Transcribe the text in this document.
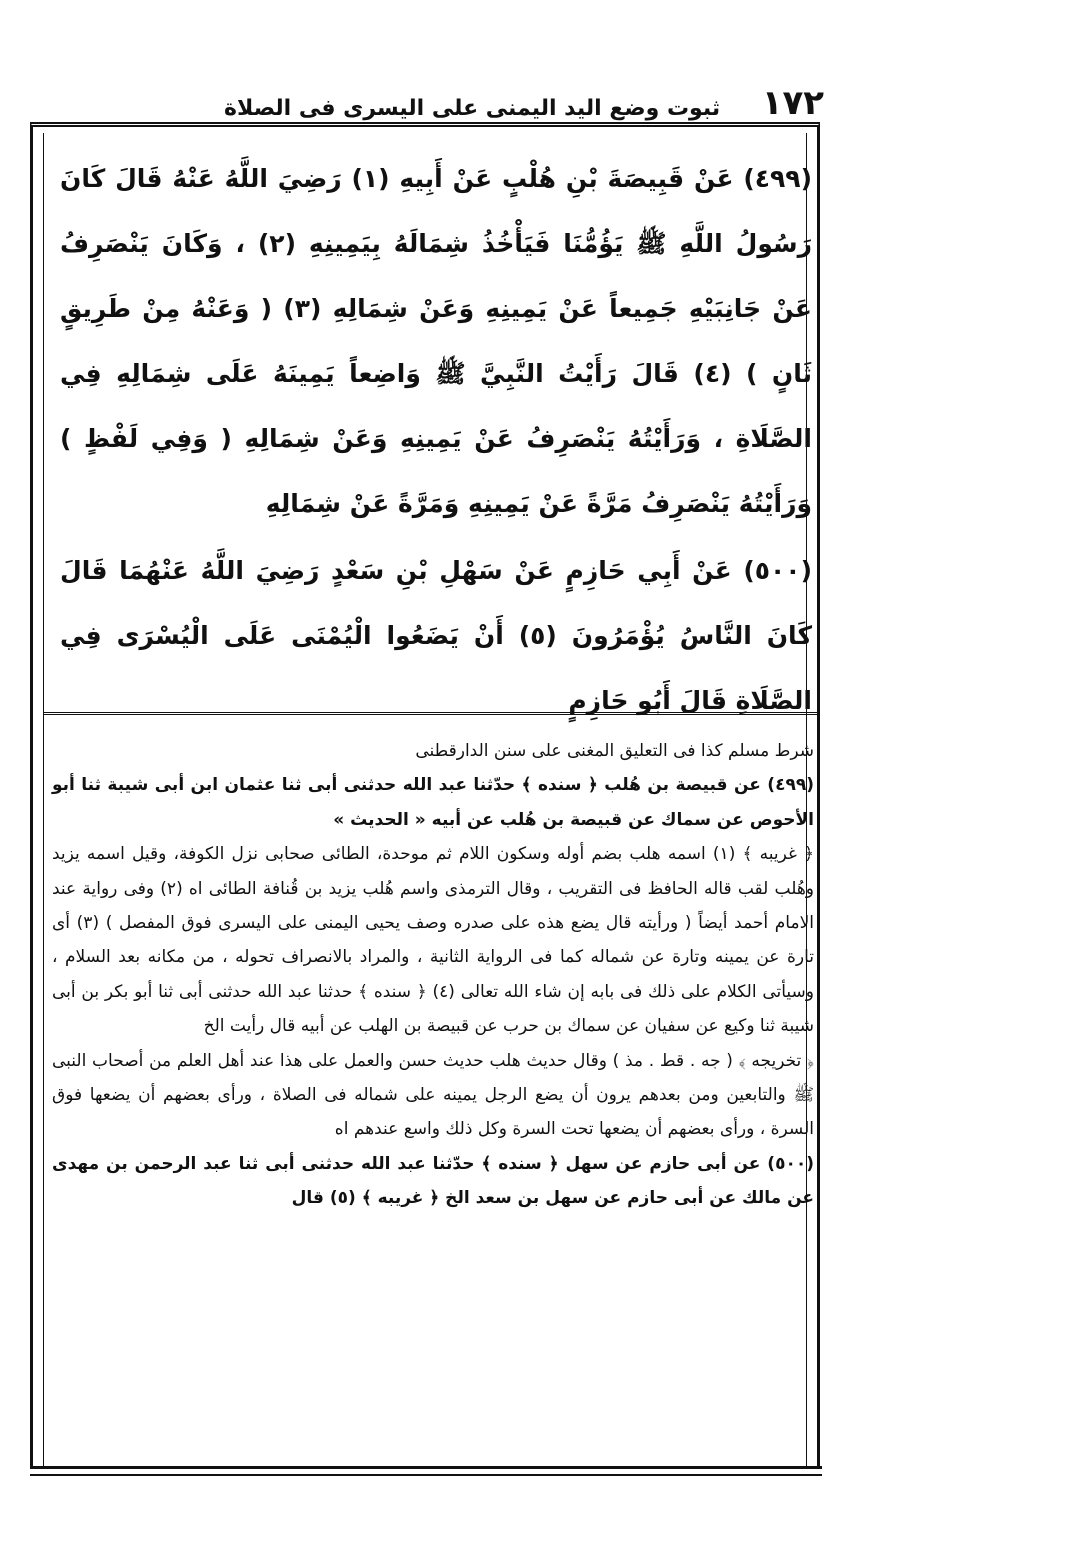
١٧٢
ثبوت وضع اليد اليمنى على اليسرى فى الصلاة

(٤٩٩) عَنْ قَبِيصَةَ بْنِ هُلْبٍ عَنْ أَبِيهِ (١) رَضِيَ اللَّهُ عَنْهُ قَالَ كَانَ رَسُولُ اللَّهِ ﷺ يَؤُمُّنَا فَيَأْخُذُ شِمَالَهُ بِيَمِينِهِ (٢) ، وَكَانَ يَنْصَرِفُ عَنْ جَانِبَيْهِ جَمِيعاً عَنْ يَمِينِهِ وَعَنْ شِمَالِهِ (٣) ( وَعَنْهُ مِنْ طَرِيقٍ ثَانٍ ) (٤) قَالَ رَأَيْتُ النَّبِيَّ ﷺ وَاضِعاً يَمِينَهُ عَلَى شِمَالِهِ فِي الصَّلَاةِ ، وَرَأَيْتُهُ يَنْصَرِفُ عَنْ يَمِينِهِ وَعَنْ شِمَالِهِ ( وَفِي لَفْظٍ ) وَرَأَيْتُهُ يَنْصَرِفُ مَرَّةً عَنْ يَمِينِهِ وَمَرَّةً عَنْ شِمَالِهِ

(٥٠٠) عَنْ أَبِي حَازِمٍ عَنْ سَهْلِ بْنِ سَعْدٍ رَضِيَ اللَّهُ عَنْهُمَا قَالَ كَانَ النَّاسُ يُؤْمَرُونَ (٥) أَنْ يَضَعُوا الْيُمْنَى عَلَى الْيُسْرَى فِي الصَّلَاةِ قَالَ أَبُو حَازِمٍ

شرط مسلم كذا فى التعليق المغنى على سنن الدارقطنى

(٤٩٩) عن قبيصة بن هُلب ﴿ سنده ﴾ حدّثنا عبد الله حدثنى أبى ثنا عثمان ابن أبى شيبة ثنا أبو الأحوص عن سماك عن قبيصة بن هُلب عن أبيه « الحديث »

﴿ غريبه ﴾ (١) اسمه هلب بضم أوله وسكون اللام ثم موحدة، الطائى صحابى نزل الكوفة، وقيل اسمه يزيد وهُلب لقب قاله الحافظ فى التقريب ، وقال الترمذى واسم هُلب يزيد بن قُنافة الطائى اه (٢) وفى رواية عند الامام أحمد أيضاً ( ورأيته قال يضع هذه على صدره وصف يحيى اليمنى على اليسرى فوق المفصل ) (٣) أى تارة عن يمينه وتارة عن شماله كما فى الرواية الثانية ، والمراد بالانصراف تحوله ، من مكانه بعد السلام ، وسيأتى الكلام على ذلك فى بابه إن شاء الله تعالى (٤) ﴿ سنده ﴾ حدثنا عبد الله حدثنى أبى ثنا أبو بكر بن أبى شيبة ثنا وكيع عن سفيان عن سماك بن حرب عن قبيصة بن الهلب عن أبيه قال رأيت الخ

﴿ تخريجه ﴾ ( جه . قط . مذ ) وقال حديث هلب حديث حسن والعمل على هذا عند أهل العلم من أصحاب النبى ﷺ والتابعين ومن بعدهم يرون أن يضع الرجل يمينه على شماله فى الصلاة ، ورأى بعضهم أن يضعها فوق السرة ، ورأى بعضهم أن يضعها تحت السرة وكل ذلك واسع عندهم اه

(٥٠٠) عن أبى حازم عن سهل ﴿ سنده ﴾ حدّثنا عبد الله حدثنى أبى ثنا عبد الرحمن بن مهدى عن مالك عن أبى حازم عن سهل بن سعد الخ ﴿ غريبه ﴾ (٥) قال
